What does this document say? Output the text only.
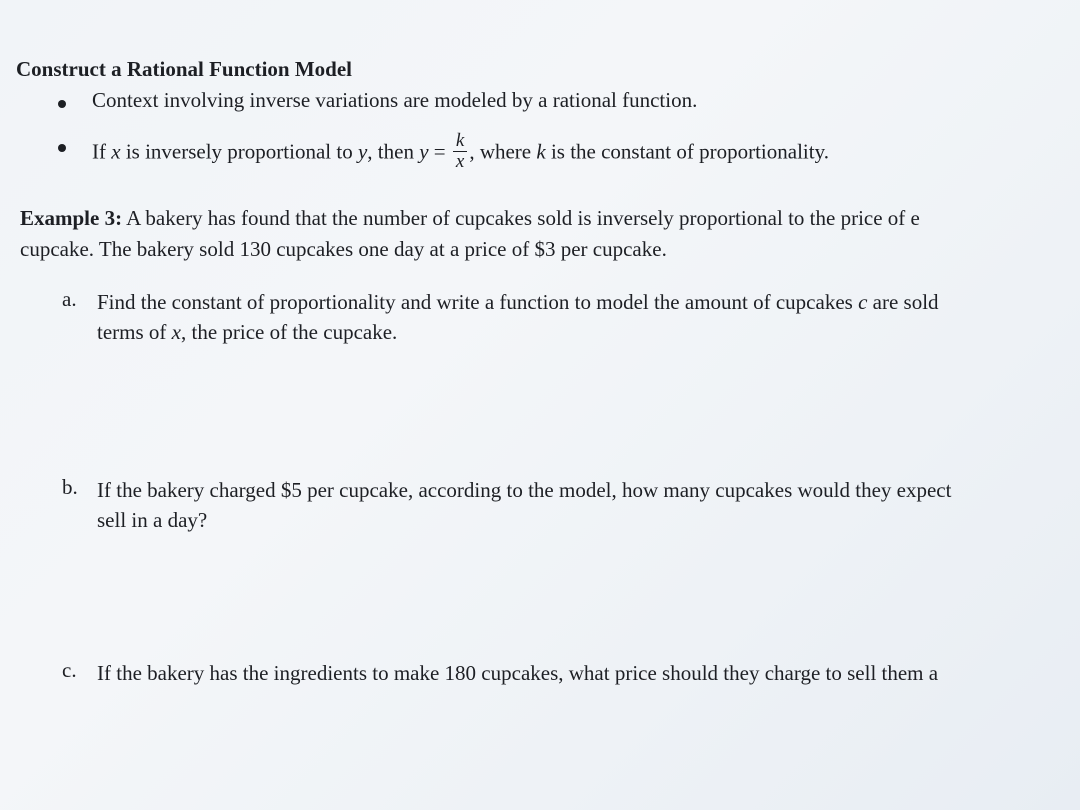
Construct a Rational Function Model
Context involving inverse variations are modeled by a rational function.
If x is inversely proportional to y, then $y = \frac{k}{x}$ , where k is the constant of proportionality.
Example 3: A bakery has found that the number of cupcakes sold is inversely proportional to the price of e
cupcake. The bakery sold 130 cupcakes one day at a price of $3 per cupcake.
a. Find the constant of proportionality and write a function to model the amount of cupcakes c are sold
terms of x, the price of the cupcake.
b. If the bakery charged $5 per cupcake, according to the model, how many cupcakes would they expect
sell in a day?
c. If the bakery has the ingredients to make 180 cupcakes, what price should they charge to sell them a
